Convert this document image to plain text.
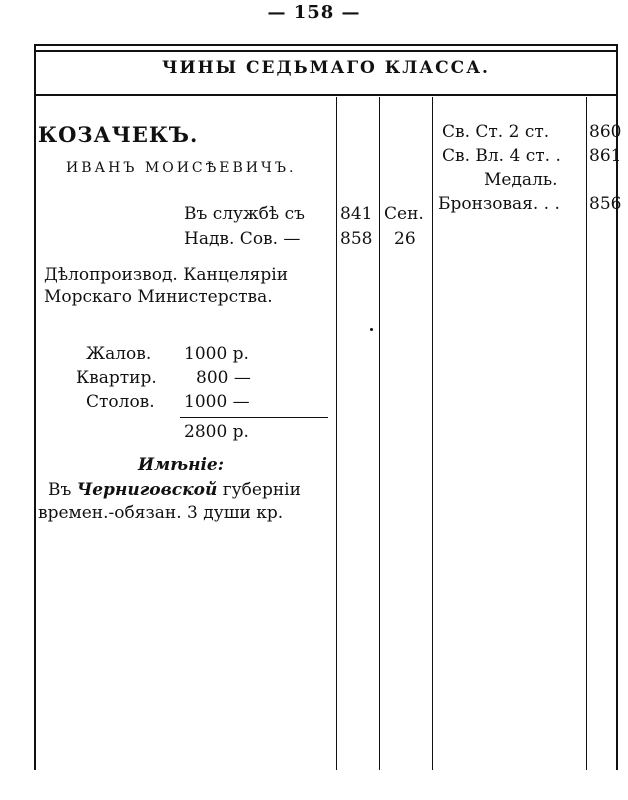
— 158 —
ЧИНЫ СЕДЬМАГО КЛАССА.
КОЗАЧЕКЪ.
ИВАНЪ МОИСѢЕВИЧЪ.
Въ службѣ съ 841 Сен.
Надв. Сов. — 858 26
Дѣлопроизвод. Канцеляріи
Морскаго Министерства.
Жалов. 1000 р.
Квартир. 800 —
Столов. 1000 —
2800 р.
Имѣніе:
Въ Черниговской губерніи
времен.-обязан. 3 души кр.
Св. Ст. 2 ст. 860
Св. Вл. 4 ст. . 861
Медаль.
Бронзовая. . . 856
